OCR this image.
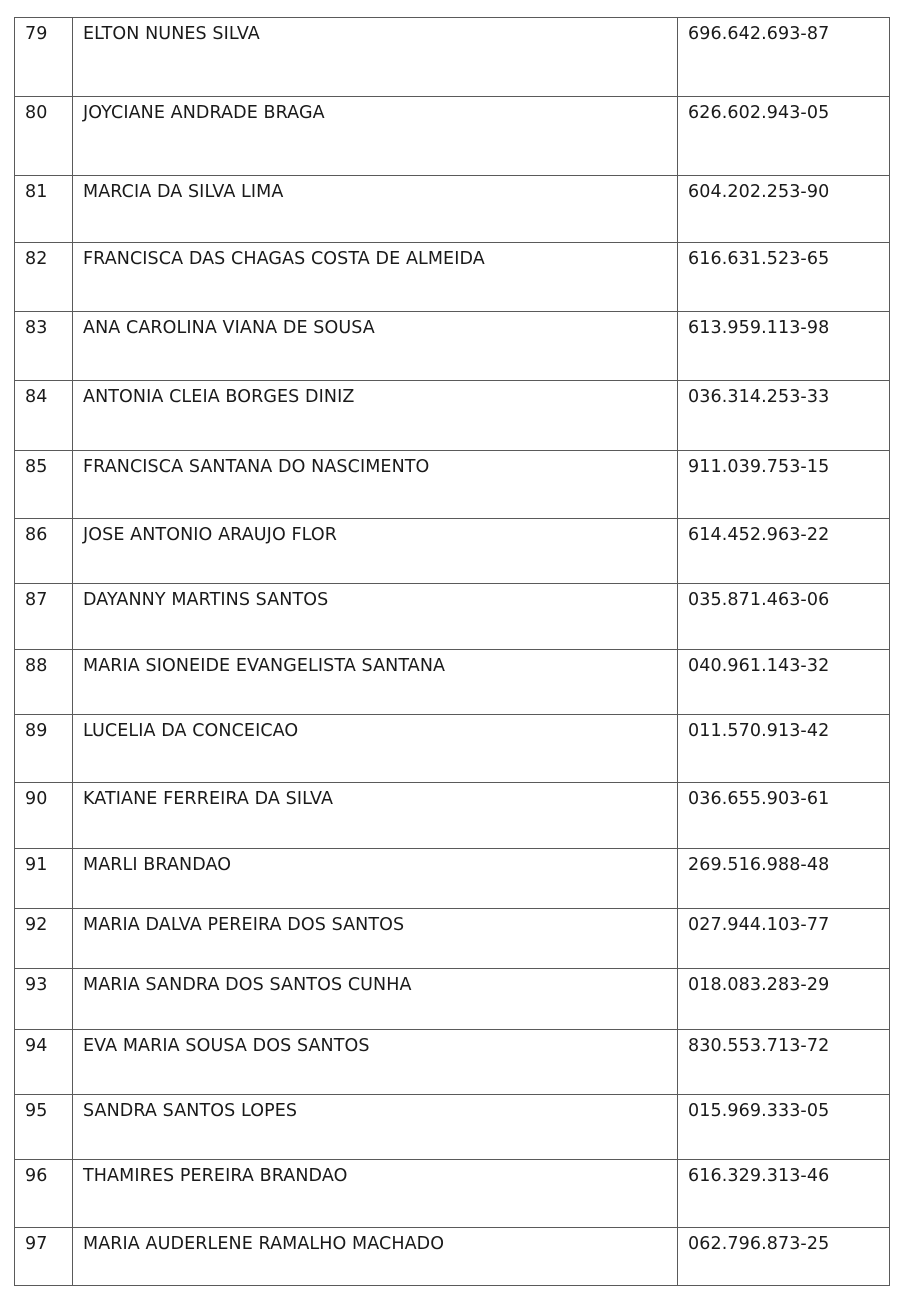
79	ELTON NUNES SILVA	696.642.693-87
80	JOYCIANE ANDRADE BRAGA	626.602.943-05
81	MARCIA DA SILVA LIMA	604.202.253-90
82	FRANCISCA DAS CHAGAS COSTA DE ALMEIDA	616.631.523-65
83	ANA CAROLINA VIANA DE SOUSA	613.959.113-98
84	ANTONIA CLEIA BORGES DINIZ	036.314.253-33
85	FRANCISCA SANTANA DO NASCIMENTO	911.039.753-15
86	JOSE ANTONIO ARAUJO FLOR	614.452.963-22
87	DAYANNY MARTINS SANTOS	035.871.463-06
88	MARIA SIONEIDE EVANGELISTA SANTANA	040.961.143-32
89	LUCELIA DA CONCEICAO	011.570.913-42
90	KATIANE FERREIRA DA SILVA	036.655.903-61
91	MARLI BRANDAO	269.516.988-48
92	MARIA DALVA PEREIRA DOS SANTOS	027.944.103-77
93	MARIA SANDRA DOS SANTOS CUNHA	018.083.283-29
94	EVA MARIA SOUSA DOS SANTOS	830.553.713-72
95	SANDRA SANTOS LOPES	015.969.333-05
96	THAMIRES PEREIRA BRANDAO	616.329.313-46
97	MARIA AUDERLENE RAMALHO MACHADO	062.796.873-25
